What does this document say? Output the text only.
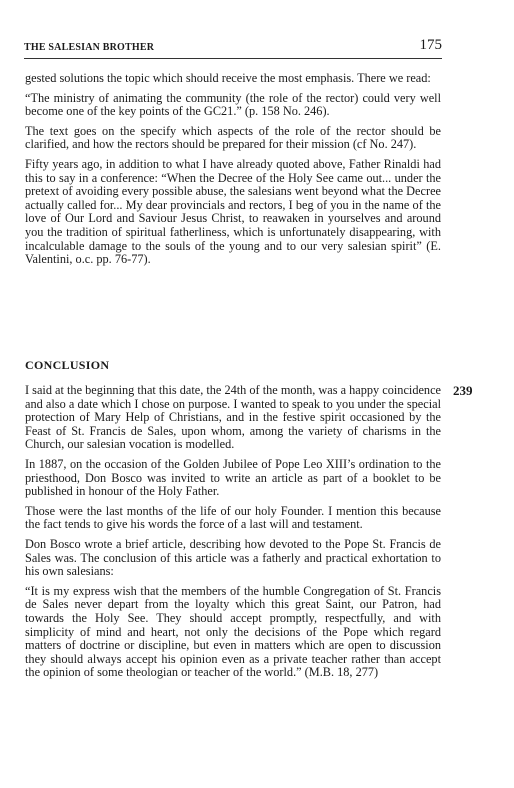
THE SALESIAN BROTHER	175

gested solutions the topic which should receive the most emphasis. There we read:

“The ministry of animating the community (the role of the rector) could very well become one of the key points of the GC21.” (p. 158 No. 246).

The text goes on the specify which aspects of the role of the rector should be clarified, and how the rectors should be prepared for their mission (cf No. 247).

Fifty years ago, in addition to what I have already quoted above, Father Rinaldi had this to say in a conference: “When the Decree of the Holy See came out... under the pretext of avoiding every possible abuse, the salesians went beyond what the Decree actually called for... My dear provincials and rectors, I beg of you in the name of the love of Our Lord and Saviour Jesus Christ, to reawaken in yourselves and around you the tradition of spiritual fatherliness, which is unfortunately disappearing, with incalculable damage to the souls of the young and to our very salesian spirit” (E. Valentini, o.c. pp. 76-77).

CONCLUSION
239

I said at the beginning that this date, the 24th of the month, was a happy coincidence and also a date which I chose on purpose. I wanted to speak to you under the special protection of Mary Help of Christians, and in the festive spirit occasioned by the Feast of St. Francis de Sales, upon whom, among the variety of charisms in the Church, our salesian vocation is modelled.

In 1887, on the occasion of the Golden Jubilee of Pope Leo XIII’s ordination to the priesthood, Don Bosco was invited to write an article as part of a booklet to be published in honour of the Holy Father.

Those were the last months of the life of our holy Founder. I mention this because the fact tends to give his words the force of a last will and testament.

Don Bosco wrote a brief article, describing how devoted to the Pope St. Francis de Sales was. The conclusion of this article was a fatherly and practical exhortation to his own salesians:

“It is my express wish that the members of the humble Congregation of St. Francis de Sales never depart from the loyalty which this great Saint, our Patron, had towards the Holy See. They should accept promptly, respectfully, and with simplicity of mind and heart, not only the decisions of the Pope which regard matters of doctrine or discipline, but even in matters which are open to discussion they should always accept his opinion even as a private teacher rather than accept the opinion of some theologian or teacher of the world.” (M.B. 18, 277)
